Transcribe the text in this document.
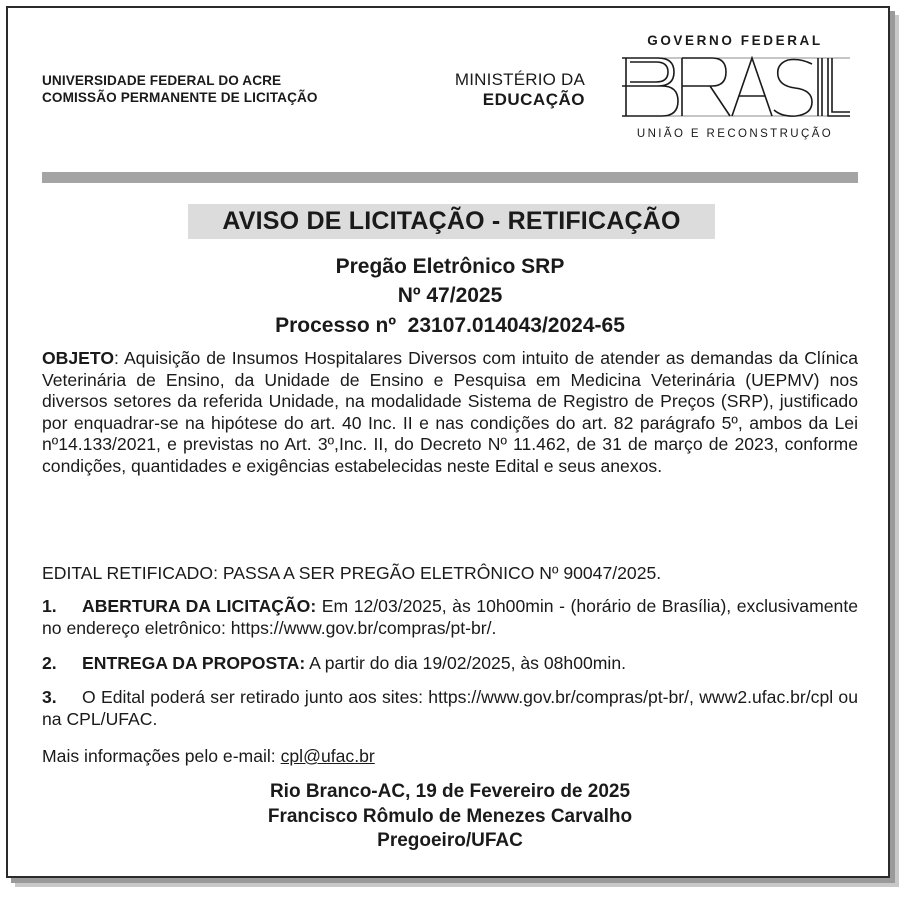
UNIVERSIDADE FEDERAL DO ACRE
COMISSÃO PERMANENTE DE LICITAÇÃO
MINISTÉRIO DA
EDUCAÇÃO
GOVERNO FEDERAL
UNIÃO E RECONSTRUÇÃO
AVISO DE LICITAÇÃO - RETIFICAÇÃO
Pregão Eletrônico SRP
Nº 47/2025
Processo nº  23107.014043/2024-65
OBJETO: Aquisição de Insumos Hospitalares Diversos com intuito de atender as demandas da Clínica Veterinária de Ensino, da Unidade de Ensino e Pesquisa em Medicina Veterinária (UEPMV) nos diversos setores da referida Unidade, na modalidade Sistema de Registro de Preços (SRP), justificado por enquadrar-se na hipótese do art. 40 Inc. II e nas condições do art. 82 parágrafo 5º, ambos da Lei nº14.133/2021, e previstas no Art. 3º,Inc. II, do Decreto Nº 11.462, de 31 de março de 2023, conforme condições, quantidades e exigências estabelecidas neste Edital e seus anexos.
EDITAL RETIFICADO: PASSA A SER PREGÃO ELETRÔNICO Nº 90047/2025.
1. ABERTURA DA LICITAÇÃO: Em 12/03/2025, às 10h00min - (horário de Brasília), exclusivamente no endereço eletrônico: https://www.gov.br/compras/pt-br/.
2. ENTREGA DA PROPOSTA: A partir do dia 19/02/2025, às 08h00min.
3. O Edital poderá ser retirado junto aos sites: https://www.gov.br/compras/pt-br/, www2.ufac.br/cpl ou na CPL/UFAC.
Mais informações pelo e-mail: cpl@ufac.br
Rio Branco-AC, 19 de Fevereiro de 2025
Francisco Rômulo de Menezes Carvalho
Pregoeiro/UFAC
